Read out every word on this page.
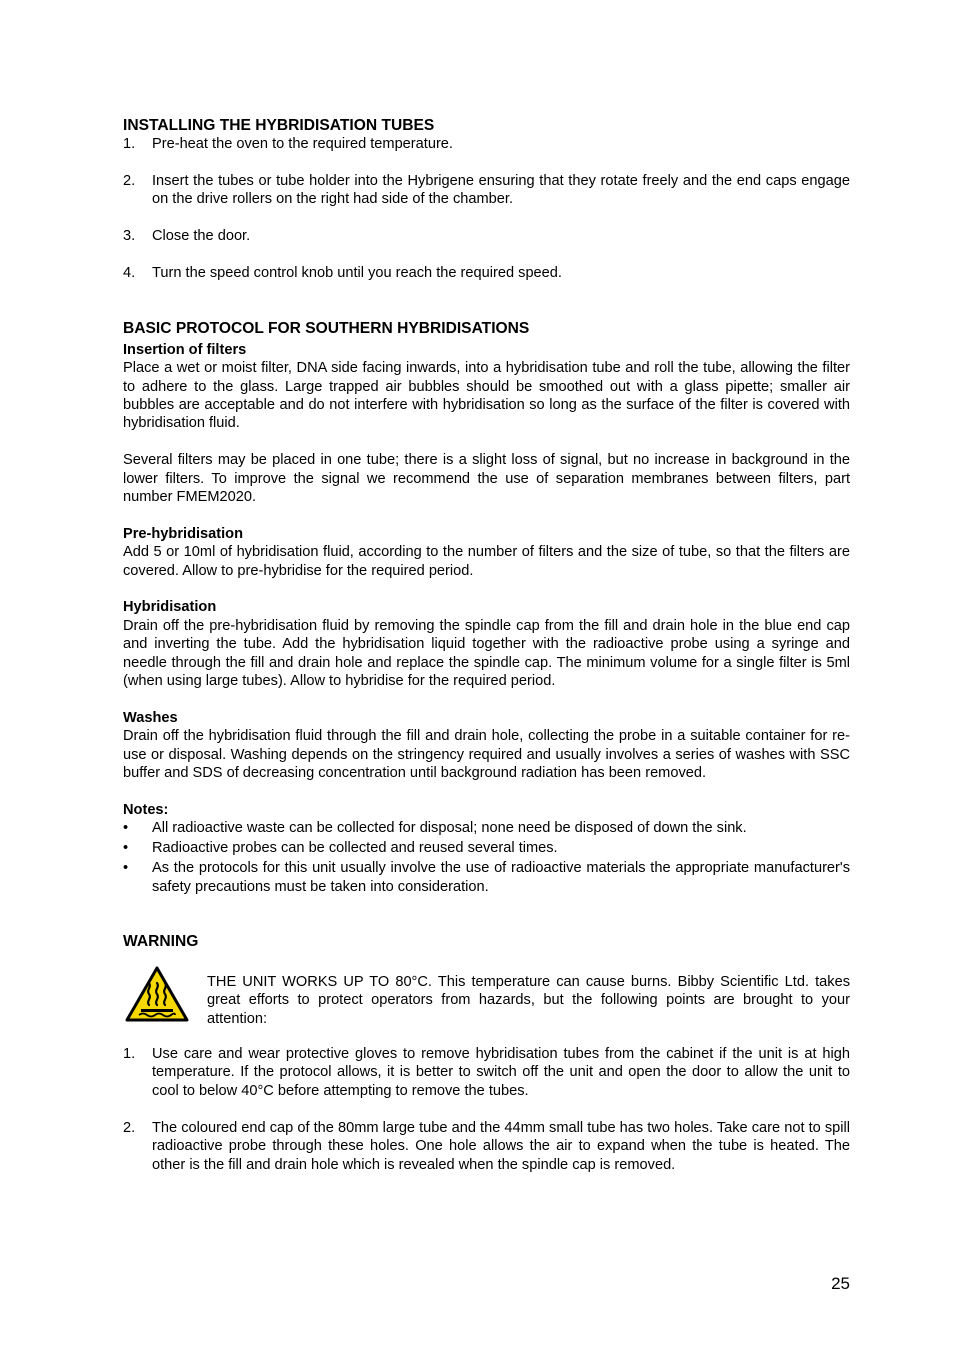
INSTALLING THE HYBRIDISATION TUBES
1. Pre-heat the oven to the required temperature.
2. Insert the tubes or tube holder into the Hybrigene ensuring that they rotate freely and the end caps engage on the drive rollers on the right had side of the chamber.
3. Close the door.
4. Turn the speed control knob until you reach the required speed.
BASIC PROTOCOL FOR SOUTHERN HYBRIDISATIONS
Insertion of filters

Place a wet or moist filter, DNA side facing inwards, into a hybridisation tube and roll the tube, allowing the filter to adhere to the glass. Large trapped air bubbles should be smoothed out with a glass pipette; smaller air bubbles are acceptable and do not interfere with hybridisation so long as the surface of the filter is covered with hybridisation fluid.

Several filters may be placed in one tube; there is a slight loss of signal, but no increase in background in the lower filters. To improve the signal we recommend the use of separation membranes between filters, part number FMEM2020.

Pre-hybridisation

Add 5 or 10ml of hybridisation fluid, according to the number of filters and the size of tube, so that the filters are covered. Allow to pre-hybridise for the required period.

Hybridisation

Drain off the pre-hybridisation fluid by removing the spindle cap from the fill and drain hole in the blue end cap and inverting the tube. Add the hybridisation liquid together with the radioactive probe using a syringe and needle through the fill and drain hole and replace the spindle cap. The minimum volume for a single filter is 5ml (when using large tubes). Allow to hybridise for the required period.

Washes

Drain off the hybridisation fluid through the fill and drain hole, collecting the probe in a suitable container for re-use or disposal. Washing depends on the stringency required and usually involves a series of washes with SSC buffer and SDS of decreasing concentration until background radiation has been removed.

Notes:
• All radioactive waste can be collected for disposal; none need be disposed of down the sink.
• Radioactive probes can be collected and reused several times.
• As the protocols for this unit usually involve the use of radioactive materials the appropriate manufacturer's safety precautions must be taken into consideration.
WARNING

THE UNIT WORKS UP TO 80°C. This temperature can cause burns. Bibby Scientific Ltd. takes great efforts to protect operators from hazards, but the following points are brought to your attention:

1. Use care and wear protective gloves to remove hybridisation tubes from the cabinet if the unit is at high temperature. If the protocol allows, it is better to switch off the unit and open the door to allow the unit to cool to below 40°C before attempting to remove the tubes.
2. The coloured end cap of the 80mm large tube and the 44mm small tube has two holes. Take care not to spill radioactive probe through these holes. One hole allows the air to expand when the tube is heated. The other is the fill and drain hole which is revealed when the spindle cap is removed.
25
